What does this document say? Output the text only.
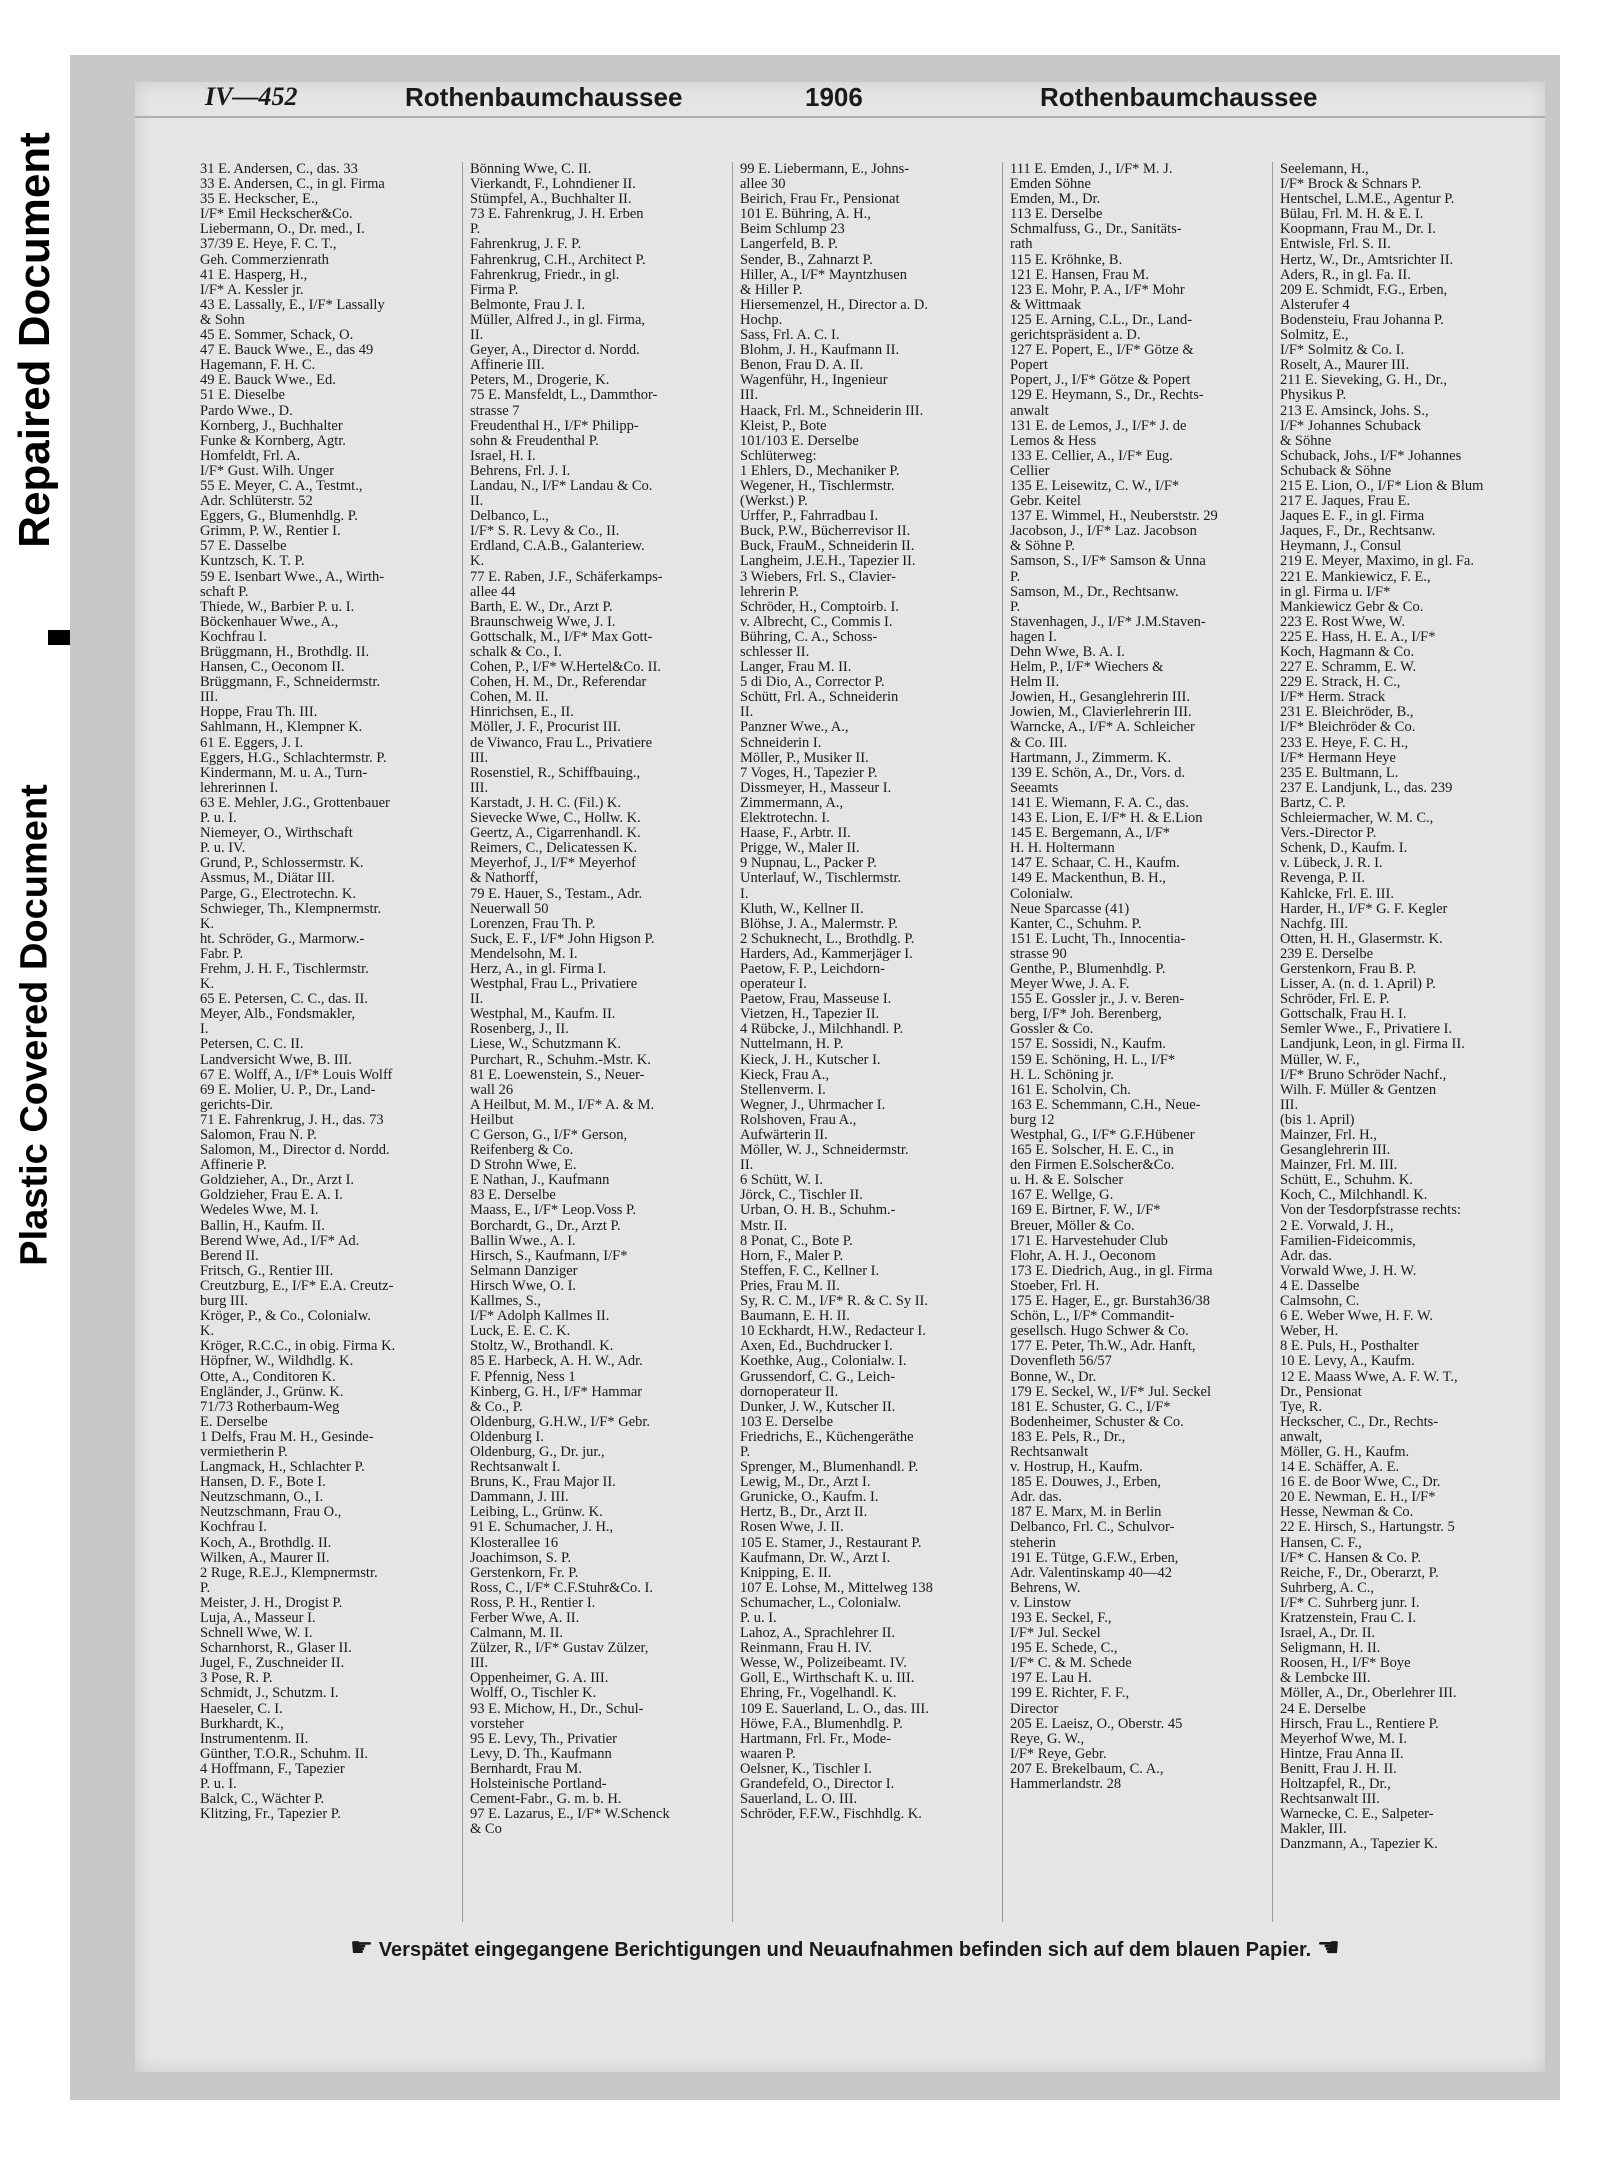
Repaired Document
Plastic Covered Document
IV—452	Rothenbaumchaussee	1906	Rothenbaumchaussee
31 E. Andersen, C., das. 33
33 E. Andersen, C., in gl. Firma
35 E. Heckscher, E.,
I/F* Emil Heckscher&Co.
Liebermann, O., Dr. med., I.
37/39 E. Heye, F. C. T.,
Geh. Commerzienrath
41 E. Hasperg, H.,
I/F* A. Kessler jr.
43 E. Lassally, E., I/F* Lassally
& Sohn
45 E. Sommer, Schack, O.
47 E. Bauck Wwe., E., das 49
Hagemann, F. H. C.
49 E. Bauck Wwe., Ed.
51 E. Dieselbe
Pardo Wwe., D.
Kornberg, J., Buchhalter
Funke & Kornberg, Agtr.
Homfeldt, Frl. A.
I/F* Gust. Wilh. Unger
55 E. Meyer, C. A., Testmt.,
Adr. Schlüterstr. 52
Eggers, G., Blumenhdlg. P.
Grimm, P. W., Rentier I.
57 E. Dasselbe
Kuntzsch, K. T. P.
59 E. Isenbart Wwe., A., Wirth-
schaft P.
Thiede, W., Barbier P. u. I.
Böckenhauer Wwe., A.,
Kochfrau I.
Brüggmann, H., Brothdlg. II.
Hansen, C., Oeconom II.
Brüggmann, F., Schneidermstr.
III.
Hoppe, Frau Th. III.
Sahlmann, H., Klempner K.
61 E. Eggers, J. I.
Eggers, H.G., Schlachtermstr. P.
Kindermann, M. u. A., Turn-
lehrerinnen I.
63 E. Mehler, J.G., Grottenbauer
P. u. I.
Niemeyer, O., Wirthschaft
P. u. IV.
Grund, P., Schlossermstr. K.
Assmus, M., Diätar III.
Parge, G., Electrotechn. K.
Schwieger, Th., Klempnermstr.
K.
ht. Schröder, G., Marmorw.-
Fabr. P.
Frehm, J. H. F., Tischlermstr.
K.
65 E. Petersen, C. C., das. II.
Meyer, Alb., Fondsmakler,
I.
Petersen, C. C. II.
Landversicht Wwe, B. III.
67 E. Wolff, A., I/F* Louis Wolff
69 E. Molier, U. P., Dr., Land-
gerichts-Dir.
71 E. Fahrenkrug, J. H., das. 73
Salomon, Frau N. P.
Salomon, M., Director d. Nordd.
Affinerie P.
Goldzieher, A., Dr., Arzt I.
Goldzieher, Frau E. A. I.
Wedeles Wwe, M. I.
Ballin, H., Kaufm. II.
Berend Wwe, Ad., I/F* Ad.
Berend II.
Fritsch, G., Rentier III.
Creutzburg, E., I/F* E.A. Creutz-
burg III.
Kröger, P., & Co., Colonialw.
K.
Kröger, R.C.C., in obig. Firma K.
Höpfner, W., Wildhdlg. K.
Otte, A., Conditoren K.
Engländer, J., Grünw. K.
71/73 Rotherbaum-Weg
E. Derselbe
1 Delfs, Frau M. H., Gesinde-
vermietherin P.
Langmack, H., Schlachter P.
Hansen, D. F., Bote I.
Neutzschmann, O., I.
Neutzschmann, Frau O.,
Kochfrau I.
Koch, A., Brothdlg. II.
Wilken, A., Maurer II.
2 Ruge, R.E.J., Klempnermstr.
P.
Meister, J. H., Drogist P.
Luja, A., Masseur I.
Schnell Wwe, W. I.
Scharnhorst, R., Glaser II.
Jugel, F., Zuschneider II.
3 Pose, R. P.
Schmidt, J., Schutzm. I.
Haeseler, C. I.
Burkhardt, K.,
Instrumentenm. II.
Günther, T.O.R., Schuhm. II.
4 Hoffmann, F., Tapezier
P. u. I.
Balck, C., Wächter P.
Klitzing, Fr., Tapezier P.
Bönning Wwe, C. II.
Vierkandt, F., Lohndiener II.
Stümpfel, A., Buchhalter II.
73 E. Fahrenkrug, J. H. Erben
P.
Fahrenkrug, J. F. P.
Fahrenkrug, C.H., Architect P.
Fahrenkrug, Friedr., in gl.
Firma P.
Belmonte, Frau J. I.
Müller, Alfred J., in gl. Firma,
II.
Geyer, A., Director d. Nordd.
Affinerie III.
Peters, M., Drogerie, K.
75 E. Mansfeldt, L., Dammthor-
strasse 7
Freudenthal H., I/F* Philipp-
sohn & Freudenthal P.
Israel, H. I.
Behrens, Frl. J. I.
Landau, N., I/F* Landau & Co.
II.
Delbanco, L.,
I/F* S. R. Levy & Co., II.
Erdland, C.A.B., Galanteriew.
K.
77 E. Raben, J.F., Schäferkamps-
allee 44
Barth, E. W., Dr., Arzt P.
Braunschweig Wwe, J. I.
Gottschalk, M., I/F* Max Gott-
schalk & Co., I.
Cohen, P., I/F* W.Hertel&Co. II.
Cohen, H. M., Dr., Referendar
Cohen, M. II.
Hinrichsen, E., II.
Möller, J. F., Procurist III.
de Viwanco, Frau L., Privatiere
III.
Rosenstiel, R., Schiffbauing.,
III.
Karstadt, J. H. C. (Fil.) K.
Sievecke Wwe, C., Hollw. K.
Geertz, A., Cigarrenhandl. K.
Reimers, C., Delicatessen K.
Meyerhof, J., I/F* Meyerhof
& Nathorff,
79 E. Hauer, S., Testam., Adr.
Neuerwall 50
Lorenzen, Frau Th. P.
Suck, E. F., I/F* John Higson P.
Mendelsohn, M. I.
Herz, A., in gl. Firma I.
Westphal, Frau L., Privatiere
II.
Westphal, M., Kaufm. II.
Rosenberg, J., II.
Liese, W., Schutzmann K.
Purchart, R., Schuhm.-Mstr. K.
81 E. Loewenstein, S., Neuer-
wall 26
A Heilbut, M. M., I/F* A. & M.
Heilbut
C Gerson, G., I/F* Gerson,
Reifenberg & Co.
D Strohn Wwe, E.
E Nathan, J., Kaufmann
83 E. Derselbe
Maass, E., I/F* Leop.Voss P.
Borchardt, G., Dr., Arzt P.
Ballin Wwe., A. I.
Hirsch, S., Kaufmann, I/F*
Selmann Danziger
Hirsch Wwe, O. I.
Kallmes, S.,
I/F* Adolph Kallmes II.
Luck, E. E. C. K.
Stoltz, W., Brothandl. K.
85 E. Harbeck, A. H. W., Adr.
F. Pfennig, Ness 1
Kinberg, G. H., I/F* Hammar
& Co., P.
Oldenburg, G.H.W., I/F* Gebr.
Oldenburg I.
Oldenburg, G., Dr. jur.,
Rechtsanwalt I.
Bruns, K., Frau Major II.
Dammann, J. III.
Leibing, L., Grünw. K.
91 E. Schumacher, J. H.,
Klosterallee 16
Joachimson, S. P.
Gerstenkorn, Fr. P.
Ross, C., I/F* C.F.Stuhr&Co. I.
Ross, P. H., Rentier I.
Ferber Wwe, A. II.
Calmann, M. II.
Zülzer, R., I/F* Gustav Zülzer,
III.
Oppenheimer, G. A. III.
Wolff, O., Tischler K.
93 E. Michow, H., Dr., Schul-
vorsteher
95 E. Levy, Th., Privatier
Levy, D. Th., Kaufmann
Bernhardt, Frau M.
Holsteinische Portland-
Cement-Fabr., G. m. b. H.
97 E. Lazarus, E., I/F* W.Schenck
& Co
99 E. Liebermann, E., Johns-
allee 30
Beirich, Frau Fr., Pensionat
101 E. Bühring, A. H.,
Beim Schlump 23
Langerfeld, B. P.
Sender, B., Zahnarzt P.
Hiller, A., I/F* Mayntzhusen
& Hiller P.
Hiersemenzel, H., Director a. D.
Hochp.
Sass, Frl. A. C. I.
Blohm, J. H., Kaufmann II.
Benon, Frau D. A. II.
Wagenführ, H., Ingenieur
III.
Haack, Frl. M., Schneiderin III.
Kleist, P., Bote
101/103 E. Derselbe
Schlüterweg:
1 Ehlers, D., Mechaniker P.
Wegener, H., Tischlermstr.
(Werkst.) P.
Urffer, P., Fahrradbau I.
Buck, P.W., Bücherrevisor II.
Buck, FrauM., Schneiderin II.
Langheim, J.E.H., Tapezier II.
3 Wiebers, Frl. S., Clavier-
lehrerin P.
Schröder, H., Comptoirb. I.
v. Albrecht, C., Commis I.
Bühring, C. A., Schoss-
schlesser II.
Langer, Frau M. II.
5 di Dio, A., Corrector P.
Schütt, Frl. A., Schneiderin
II.
Panzner Wwe., A.,
Schneiderin I.
Möller, P., Musiker II.
7 Voges, H., Tapezier P.
Dissmeyer, H., Masseur I.
Zimmermann, A.,
Elektrotechn. I.
Haase, F., Arbtr. II.
Prigge, W., Maler II.
9 Nupnau, L., Packer P.
Unterlauf, W., Tischlermstr.
I.
Kluth, W., Kellner II.
Blöhse, J. A., Malermstr. P.
2 Schuknecht, L., Brothdlg. P.
Harders, Ad., Kammerjäger I.
Paetow, F. P., Leichdorn-
operateur I.
Paetow, Frau, Masseuse I.
Vietzen, H., Tapezier II.
4 Rübcke, J., Milchhandl. P.
Nuttelmann, H. P.
Kieck, J. H., Kutscher I.
Kieck, Frau A.,
Stellenverm. I.
Wegner, J., Uhrmacher I.
Rolshoven, Frau A.,
Aufwärterin II.
Möller, W. J., Schneidermstr.
II.
6 Schütt, W. I.
Jörck, C., Tischler II.
Urban, O. H. B., Schuhm.-
Mstr. II.
8 Ponat, C., Bote P.
Horn, F., Maler P.
Steffen, F. C., Kellner I.
Pries, Frau M. II.
Sy, R. C. M., I/F* R. & C. Sy II.
Baumann, E. H. II.
10 Eckhardt, H.W., Redacteur I.
Axen, Ed., Buchdrucker I.
Koethke, Aug., Colonialw. I.
Grussendorf, C. G., Leich-
dornoperateur II.
Dunker, J. W., Kutscher II.
103 E. Derselbe
Friedrichs, E., Küchengeräthe
P.
Sprenger, M., Blumenhandl. P.
Lewig, M., Dr., Arzt I.
Grunicke, O., Kaufm. I.
Hertz, B., Dr., Arzt II.
Rosen Wwe, J. II.
105 E. Stamer, J., Restaurant P.
Kaufmann, Dr. W., Arzt I.
Knipping, E. II.
107 E. Lohse, M., Mittelweg 138
Schumacher, L., Colonialw.
P. u. I.
Lahoz, A., Sprachlehrer II.
Reinmann, Frau H. IV.
Wesse, W., Polizeibeamt. IV.
Goll, E., Wirthschaft K. u. III.
Ehring, Fr., Vogelhandl. K.
109 E. Sauerland, L. O., das. III.
Höwe, F.A., Blumenhdlg. P.
Hartmann, Frl. Fr., Mode-
waaren P.
Oelsner, K., Tischler I.
Grandefeld, O., Director I.
Sauerland, L. O. III.
Schröder, F.F.W., Fischhdlg. K.
111 E. Emden, J., I/F* M. J.
Emden Söhne
Emden, M., Dr.
113 E. Derselbe
Schmalfuss, G., Dr., Sanitäts-
rath
115 E. Kröhnke, B.
121 E. Hansen, Frau M.
123 E. Mohr, P. A., I/F* Mohr
& Wittmaak
125 E. Arning, C.L., Dr., Land-
gerichtspräsident a. D.
127 E. Popert, E., I/F* Götze &
Popert
Popert, J., I/F* Götze & Popert
129 E. Heymann, S., Dr., Rechts-
anwalt
131 E. de Lemos, J., I/F* J. de
Lemos & Hess
133 E. Cellier, A., I/F* Eug.
Cellier
135 E. Leisewitz, C. W., I/F*
Gebr. Keitel
137 E. Wimmel, H., Neuberststr. 29
Jacobson, J., I/F* Laz. Jacobson
& Söhne P.
Samson, S., I/F* Samson & Unna
P.
Samson, M., Dr., Rechtsanw.
P.
Stavenhagen, J., I/F* J.M.Staven-
hagen I.
Dehn Wwe, B. A. I.
Helm, P., I/F* Wiechers &
Helm II.
Jowien, H., Gesanglehrerin III.
Jowien, M., Clavierlehrerin III.
Warncke, A., I/F* A. Schleicher
& Co. III.
Hartmann, J., Zimmerm. K.
139 E. Schön, A., Dr., Vors. d.
Seeamts
141 E. Wiemann, F. A. C., das.
143 E. Lion, E. I/F* H. & E.Lion
145 E. Bergemann, A., I/F*
H. H. Holtermann
147 E. Schaar, C. H., Kaufm.
149 E. Mackenthun, B. H.,
Colonialw.
Neue Sparcasse (41)
Kanter, C., Schuhm. P.
151 E. Lucht, Th., Innocentia-
strasse 90
Genthe, P., Blumenhdlg. P.
Meyer Wwe, J. A. F.
155 E. Gossler jr., J. v. Beren-
berg, I/F* Joh. Berenberg,
Gossler & Co.
157 E. Sossidi, N., Kaufm.
159 E. Schöning, H. L., I/F*
H. L. Schöning jr.
161 E. Scholvin, Ch.
163 E. Schemmann, C.H., Neue-
burg 12
Westphal, G., I/F* G.F.Hübener
165 E. Solscher, H. E. C., in
den Firmen E.Solscher&Co.
u. H. & E. Solscher
167 E. Wellge, G.
169 E. Birtner, F. W., I/F*
Breuer, Möller & Co.
171 E. Harvestehuder Club
Flohr, A. H. J., Oeconom
173 E. Diedrich, Aug., in gl. Firma
Stoeber, Frl. H.
175 E. Hager, E., gr. Burstah36/38
Schön, L., I/F* Commandit-
gesellsch. Hugo Schwer & Co.
177 E. Peter, Th.W., Adr. Hanft,
Dovenfleth 56/57
Bonne, W., Dr.
179 E. Seckel, W., I/F* Jul. Seckel
181 E. Schuster, G. C., I/F*
Bodenheimer, Schuster & Co.
183 E. Pels, R., Dr.,
Rechtsanwalt
v. Hostrup, H., Kaufm.
185 E. Douwes, J., Erben,
Adr. das.
187 E. Marx, M. in Berlin
Delbanco, Frl. C., Schulvor-
steherin
191 E. Tütge, G.F.W., Erben,
Adr. Valentinskamp 40—42
Behrens, W.
v. Linstow
193 E. Seckel, F.,
I/F* Jul. Seckel
195 E. Schede, C.,
I/F* C. & M. Schede
197 E. Lau H.
199 E. Richter, F. F.,
Director
205 E. Laeisz, O., Oberstr. 45
Reye, G. W.,
I/F* Reye, Gebr.
207 E. Brekelbaum, C. A.,
Hammerlandstr. 28
Seelemann, H.,
I/F* Brock & Schnars P.
Hentschel, L.M.E., Agentur P.
Bülau, Frl. M. H. & E. I.
Koopmann, Frau M., Dr. I.
Entwisle, Frl. S. II.
Hertz, W., Dr., Amtsrichter II.
Aders, R., in gl. Fa. II.
209 E. Schmidt, F.G., Erben,
Alsterufer 4
Bodensteiu, Frau Johanna P.
Solmitz, E.,
I/F* Solmitz & Co. I.
Roselt, A., Maurer III.
211 E. Sieveking, G. H., Dr.,
Physikus P.
213 E. Amsinck, Johs. S.,
I/F* Johannes Schuback
& Söhne
Schuback, Johs., I/F* Johannes
Schuback & Söhne
215 E. Lion, O., I/F* Lion & Blum
217 E. Jaques, Frau E.
Jaques E. F., in gl. Firma
Jaques, F., Dr., Rechtsanw.
Heymann, J., Consul
219 E. Meyer, Maximo, in gl. Fa.
221 E. Mankiewicz, F. E.,
in gl. Firma u. I/F*
Mankiewicz Gebr & Co.
223 E. Rost Wwe, W.
225 E. Hass, H. E. A., I/F*
Koch, Hagmann & Co.
227 E. Schramm, E. W.
229 E. Strack, H. C.,
I/F* Herm. Strack
231 E. Bleichröder, B.,
I/F* Bleichröder & Co.
233 E. Heye, F. C. H.,
I/F* Hermann Heye
235 E. Bultmann, L.
237 E. Landjunk, L., das. 239
Bartz, C. P.
Schleiermacher, W. M. C.,
Vers.-Director P.
Schenk, D., Kaufm. I.
v. Lübeck, J. R. I.
Revenga, P. II.
Kahlcke, Frl. E. III.
Harder, H., I/F* G. F. Kegler
Nachfg. III.
Otten, H. H., Glasermstr. K.
239 E. Derselbe
Gerstenkorn, Frau B. P.
Lisser, A. (n. d. 1. April) P.
Schröder, Frl. E. P.
Gottschalk, Frau H. I.
Semler Wwe., F., Privatiere I.
Landjunk, Leon, in gl. Firma II.
Müller, W. F.,
I/F* Bruno Schröder Nachf.,
Wilh. F. Müller & Gentzen
III.
(bis 1. April)
Mainzer, Frl. H.,
Gesanglehrerin III.
Mainzer, Frl. M. III.
Schütt, E., Schuhm. K.
Koch, C., Milchhandl. K.
Von der Tesdorpfstrasse rechts:
2 E. Vorwald, J. H.,
Familien-Fideicommis,
Adr. das.
Vorwald Wwe, J. H. W.
4 E. Dasselbe
Calmsohn, C.
6 E. Weber Wwe, H. F. W.
Weber, H.
8 E. Puls, H., Posthalter
10 E. Levy, A., Kaufm.
12 E. Maass Wwe, A. F. W. T.,
Dr., Pensionat
Tye, R.
Heckscher, C., Dr., Rechts-
anwalt,
Möller, G. H., Kaufm.
14 E. Schäffer, A. E.
16 E. de Boor Wwe, C., Dr.
20 E. Newman, E. H., I/F*
Hesse, Newman & Co.
22 E. Hirsch, S., Hartungstr. 5
Hansen, C. F.,
I/F* C. Hansen & Co. P.
Reiche, F., Dr., Oberarzt, P.
Suhrberg, A. C.,
I/F* C. Suhrberg junr. I.
Kratzenstein, Frau C. I.
Israel, A., Dr. II.
Seligmann, H. II.
Roosen, H., I/F* Boye
& Lembcke III.
Möller, A., Dr., Oberlehrer III.
24 E. Derselbe
Hirsch, Frau L., Rentiere P.
Meyerhof Wwe, M. I.
Hintze, Frau Anna II.
Benitt, Frau J. H. II.
Holtzapfel, R., Dr.,
Rechtsanwalt III.
Warnecke, C. E., Salpeter-
Makler, III.
Danzmann, A., Tapezier K.
☛ Verspätet eingegangene Berichtigungen und Neuaufnahmen befinden sich auf dem blauen Papier. ☚
